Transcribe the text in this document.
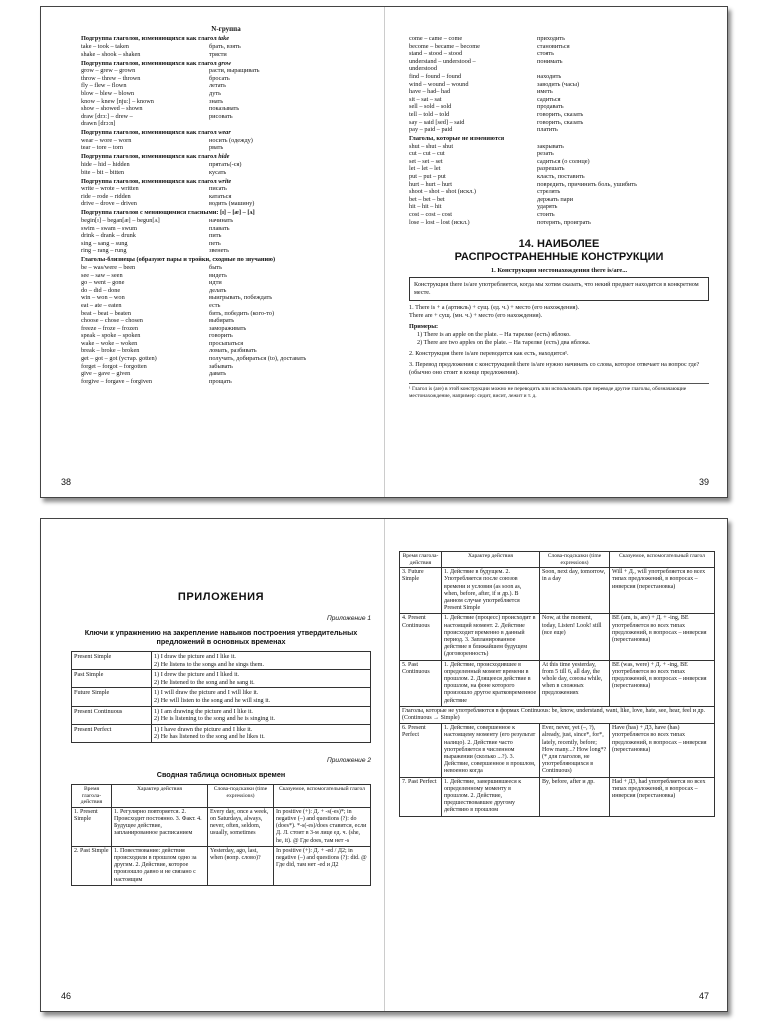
N-группа
Подгруппа глаголов, изменяющихся как глагол take
take – took – taken	брать, взять
shake – shook – shaken	трясти
Подгруппа глаголов, изменяющихся как глагол grow
grow – grew – grown	расти, выращивать
throw – threw – thrown	бросать
fly – flew – flown	летать
blow – blew – blown	дуть
know – knew [nju:] – known	знать
show – showed – shown	показывать
draw [drɔ:] – drew –	рисовать
drawn [drɔ:n]
Подгруппа глаголов, изменяющихся как глагол wear
wear – wore – worn	носить (одежду)
tear – tore – torn	рвать
Подгруппа глаголов, изменяющихся как глагол hide
hide – hid – hidden	прятать(-ся)
bite – bit – bitten	кусать
Подгруппа глаголов, изменяющихся как глагол write
write – wrote – written	писать
ride – rode – ridden	кататься
drive – drove – driven	водить (машину)
Подгруппа глаголов с меняющимися гласными: [ɪ] – [æ] – [ʌ]
begin[ɪ] – began[æ] – begun[ʌ]	начинать
swim – swam – swum	плавать
drink – drank – drunk	пить
sing – sang – sung	петь
ring – rang – rung	звенеть
Глаголы-близнецы (образуют пары и тройки, сходные по звучанию)
be – was/were – been	быть
see – saw – seen	видеть
go – went – gone	идти
do – did – done	делать
win – won – won	выигрывать, побеждать
eat – ate – eaten	есть
beat – beat – beaten	бить, победить (кого-то)
choose – chose – chosen	выбирать
freeze – froze – frozen	замораживать
speak – spoke – spoken	говорить
wake – woke – woken	просыпаться
break – broke – broken	ломать, разбивать
get – got – got (устар. gotten)	получать, добираться (to), доставать
forget – forgot – forgotten	забывать
give – gave – given	давать
forgive – forgave – forgiven	прощать
38
come – came – come	приходить
become – became – become	становиться
stand – stood – stood	стоять
understand – understood –	понимать
understood
find – found – found	находить
wind – wound – wound	заводить (часы)
have – had– had	иметь
sit – sat – sat	садиться
sell – sold – sold	продавать
tell – told – told	говорить, сказать
say – said [sed] – said	говорить, сказать
pay – paid – paid	платить
Глаголы, которые не изменяются
shut – shut – shut	закрывать
cut – cut – cut	резать
set – set – set	садиться (о солнце)
let – let – let	разрешать
put – put – put	класть, поставить
hurt – hurt – hurt	повредить, причинить боль, ушибить
shoot – shot – shot (искл.)	стрелять
bet – bet – bet	держать пари
hit – hit – hit	ударять
cost – cost – cost	стоить
lose – lost – lost (искл.)	потерять, проиграть
14. НАИБОЛЕЕ
РАСПРОСТРАНЕННЫЕ КОНСТРУКЦИИ
1. Конструкция местонахождения there is/are...
Конструкция there is/are употребляется, когда мы хотим сказать, что некий предмет находится в конкретном месте.
1. There is + a (артикль) + сущ. (ед. ч.) + место (его нахождения).
There are + сущ. (мн. ч.) + место (его нахождения).
Примеры:
1) There is an apple on the plate. – На тарелке (есть) яблоко.
2) There are two apples on the plate. – На тарелке (есть) два яблока.
2. Конструкция there is/are переводится как есть, находится¹.
3. Перевод предложения с конструкцией there is/are нужно начинать со слова, которое отвечает на вопрос где? (обычно оно стоит в конце предложения).
¹ Глагол is (are) в этой конструкции можно не переводить или использовать при переводе другие глаголы, обозначающие местонахождение, например: сидит, висит, лежит и т. д.
39
ПРИЛОЖЕНИЯ
Приложение 1
Ключи к упражнению на закрепление навыков построения утвердительных предложений в основных временах
Present Simple	1) I draw the picture and I like it.
2) He listens to the songs and he sings them.

Past Simple	1) I drew the picture and I liked it.
2) He listened to the song and he sang it.

Future Simple	1) I will draw the picture and I will like it.
2) He will listen to the song and he will sing it.

Present Continuous	1) I am drawing the picture and I like it.
2) He is listening to the song and he is singing it.

Present Perfect	1) I have drawn the picture and I like it.
2) He has listened to the song and he likes it.
Приложение 2
Сводная таблица основных времен
Время глагола-действия	Характер действия	Слова-подсказки (time expressions)	Сказуемое, вспомогательный глагол
1. Present Simple	1. Регулярно повторяется. 2. Происходит постоянно. 3. Факт. 4. Будущее действие, запланированное расписанием	Every day, once a week, on Saturdays, always, never, often, seldom, usually, sometimes	In positive (+): Д. + -s(-es)*; in negative (–) and questions (?): do (does*). *-s(-es)/does ставится, если Д. Л. стоит в 3-м лице ед. ч. (she, he, it). @ Где does, там нет -s
2. Past Simple	1. Повествование: действия происходили в прошлом одно за другим. 2. Действие, которое произошло давно и не связано с настоящим	Yesterday, ago, last, when (вопр. слово)?	In positive (+): Д. + -ed / Д2; in negative (–) and questions (?): did. @ Где did, там нет -ed и Д2
46
Время глагола-действия	Характер действия	Слова-подсказки (time expressions)	Сказуемое, вспомогательный глагол
3. Future Simple	1. Действие в будущем. 2. Употребляется после союзов времени и условия (as soon as, when, before, after, if и др.). В данном случае употребляется Present Simple	Soon, next day, tomorrow, in a day	Will + Д., will употребляется во всех типах предложений, в вопросах – инверсия (перестановка)
4. Present Continuous	1. Действие (процесс) происходит в настоящий момент. 2. Действие происходит временно в данный период. 3. Запланированное действие в ближайшем будущем (договоренность)	Now, at the moment, today, Listen! Look! still (все еще)	BE (am, is, are) + Д. + -ing, BE употребляется во всех типах предложений, в вопросах – инверсия (перестановка)
5. Past Continuous	1. Действие, происходившее в определенный момент времени в прошлом. 2. Длящееся действие в прошлом, на фоне которого произошло другое кратковременное действие	At this time yesterday, from 5 till 6, all day, the whole day, союзы while, when в сложных предложениях	BE (was, were) + Д. + -ing, BE употребляется во всех типах предложений, в вопросах – инверсия (перестановка)
Глаголы, которые не употребляются в формах Continuous: be, know, understand, want, like, love, hate, see, hear, feel и др. (Continuous → Simple)			
6. Present Perfect	1. Действие, совершенное к настоящему моменту (его результат налицо). 2. Действие часто употребляется в численном выражении (сколько ...?). 3. Действие, совершенное в прошлом, невоенно когда	Ever, never, yet (–, ?), already, just, since*, for*, lately, recently, before; How many...? How long*? (* для глаголов, не употребляющихся в Continuous)	Have (has) + Д3, have (has) употребляется во всех типах предложений, в вопросах – инверсия (перестановка)
7. Past Perfect	1. Действие, завершившееся к определенному моменту в прошлом. 2. Действие, предшествовавшее другому действию в прошлом	By, before, after и др.	Had + Д3, had употребляется во всех типах предложений, в вопросах – инверсия (перестановка)
47
